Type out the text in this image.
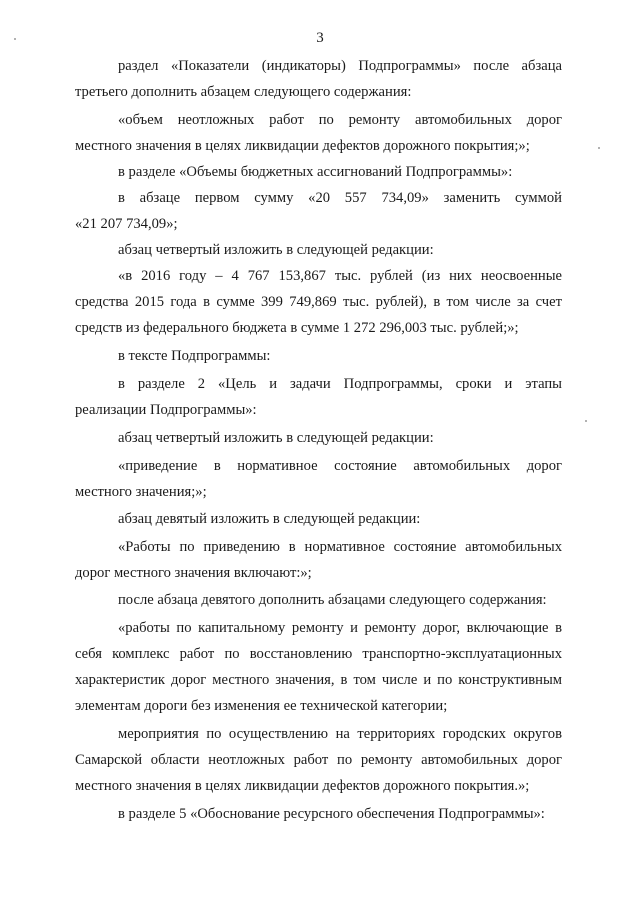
3
раздел «Показатели (индикаторы) Подпрограммы» после абзаца
третьего дополнить абзацем следующего содержания:
«объем неотложных работ по ремонту автомобильных дорог
местного значения в целях ликвидации дефектов дорожного покрытия;»;
в разделе «Объемы бюджетных ассигнований Подпрограммы»:
в абзаце первом сумму «20 557 734,09» заменить суммой
«21 207 734,09»;
абзац четвертый изложить в следующей редакции:
«в 2016 году – 4 767 153,867 тыс. рублей (из них неосвоенные
средства 2015 года в сумме 399 749,869 тыс. рублей), в том числе за счет
средств из федерального бюджета в сумме 1 272 296,003 тыс. рублей;»;
в тексте Подпрограммы:
в разделе 2 «Цель и задачи Подпрограммы, сроки и этапы
реализации Подпрограммы»:
абзац четвертый изложить в следующей редакции:
«приведение в нормативное состояние автомобильных дорог
местного значения;»;
абзац девятый изложить в следующей редакции:
«Работы по приведению в нормативное состояние автомобильных
дорог местного значения включают:»;
после абзаца девятого дополнить абзацами следующего содержания:
«работы по капитальному ремонту и ремонту дорог, включающие в
себя комплекс работ по восстановлению транспортно-эксплуатационных
характеристик дорог местного значения, в том числе и по конструктивным
элементам дороги без изменения ее технической категории;
мероприятия по осуществлению на территориях городских округов
Самарской области неотложных работ по ремонту автомобильных дорог
местного значения в целях ликвидации дефектов дорожного покрытия.»;
в разделе 5 «Обоснование ресурсного обеспечения Подпрограммы»:
